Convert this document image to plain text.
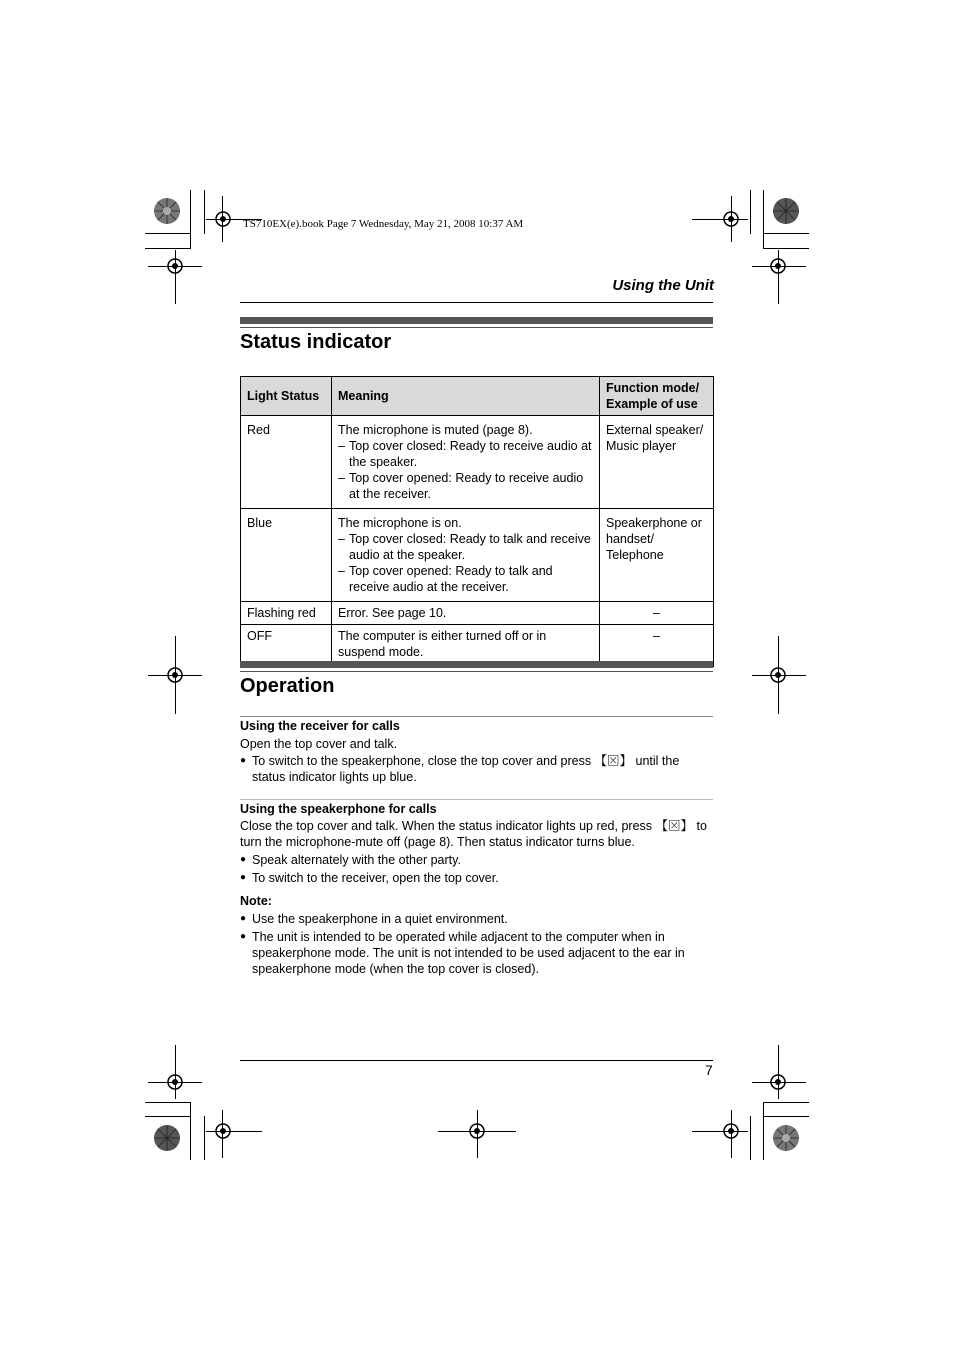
TS710EX(e).book Page 7 Wednesday, May 21, 2008 10:37 AM
Using the Unit
Status indicator
Light Status	Meaning	Function mode/
Example of use
Red	The microphone is muted (page 8).
– Top cover closed: Ready to receive audio at the speaker.
– Top cover opened: Ready to receive audio at the receiver.	External speaker/ Music player
Blue	The microphone is on.
– Top cover closed: Ready to talk and receive audio at the speaker.
– Top cover opened: Ready to talk and receive audio at the receiver.	Speakerphone or handset/ Telephone
Flashing red	Error. See page 10.	–
OFF	The computer is either turned off or in suspend mode.	–
Operation
Using the receiver for calls
Open the top cover and talk.
● To switch to the speakerphone, close the top cover and press 【⊠】 until the status indicator lights up blue.
Using the speakerphone for calls
Close the top cover and talk. When the status indicator lights up red, press 【⊠】 to turn the microphone-mute off (page 8). Then status indicator turns blue.
● Speak alternately with the other party.
● To switch to the receiver, open the top cover.
Note:
● Use the speakerphone in a quiet environment.
● The unit is intended to be operated while adjacent to the computer when in speakerphone mode. The unit is not intended to be used adjacent to the ear in speakerphone mode (when the top cover is closed).
7
